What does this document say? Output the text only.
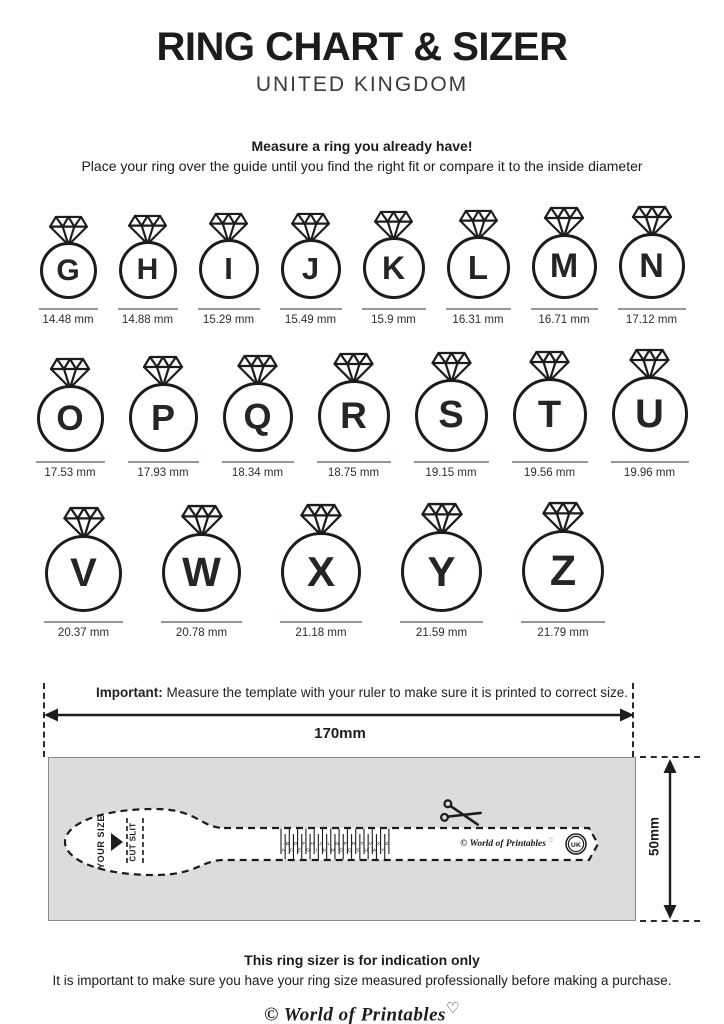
RING CHART & SIZER
UNITED KINGDOM
Measure a ring you already have!
Place your ring over the guide until you find the right fit or compare it to the inside diameter
G
14.48 mm
H
14.88 mm
I
15.29 mm
J
15.49 mm
K
15.9 mm
L
16.31 mm
M
16.71 mm
N
17.12 mm
O
17.53 mm
P
17.93 mm
Q
18.34 mm
R
18.75 mm
S
19.15 mm
T
19.56 mm
U
19.96 mm
V
20.37 mm
W
20.78 mm
X
21.18 mm
Y
21.59 mm
Z
21.79 mm
Important: Measure the template with your ruler to make sure it is printed to correct size.
170mm
YOUR SIZE	CUT SLIT	A C E G I K M O Q S U W Y
B D F H J L N P R T V X Z	© World of Printables ♡
UK	50mm
This ring sizer is for indication only
It is important to make sure you have your ring size measured professionally before making a purchase.
© World of Printables♡
